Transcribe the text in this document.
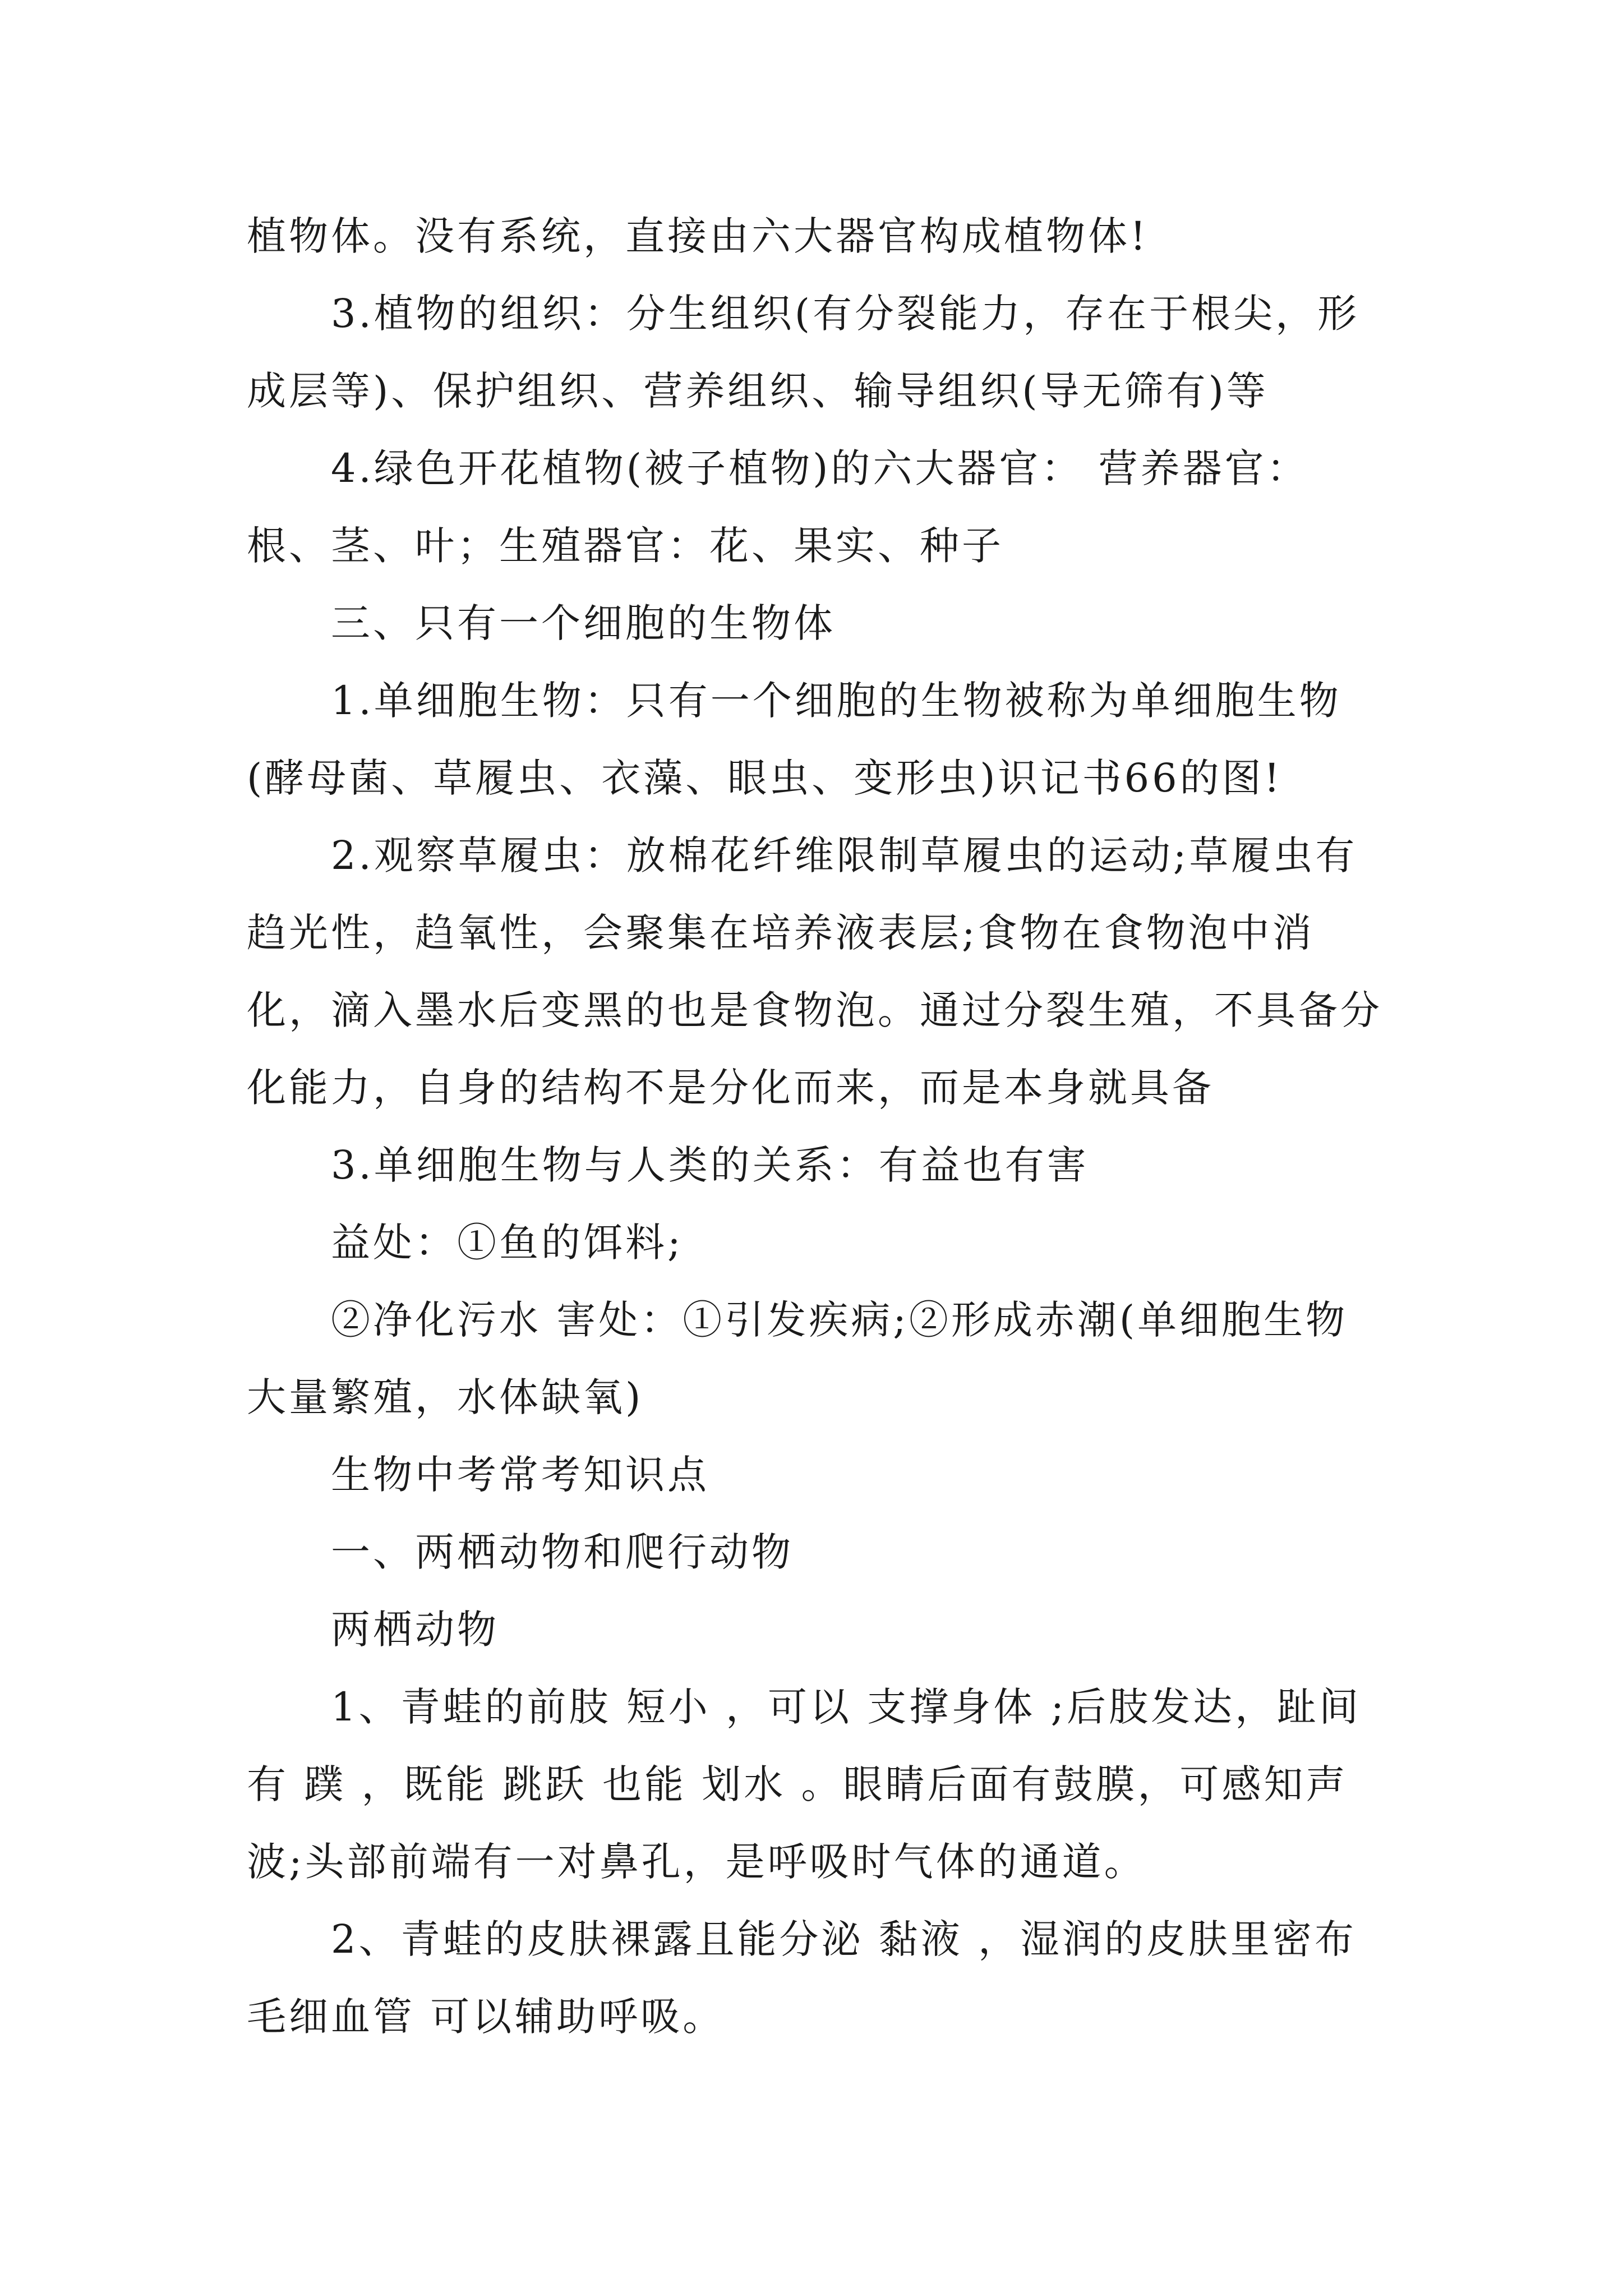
植物体。没有系统，直接由六大器官构成植物体!

3.植物的组织：分生组织(有分裂能力，存在于根尖，形成层等)、保护组织、营养组织、输导组织(导无筛有)等

4.绿色开花植物(被子植物)的六大器官： 营养器官：根、茎、叶；生殖器官：花、果实、种子

三、只有一个细胞的生物体

1.单细胞生物：只有一个细胞的生物被称为单细胞生物(酵母菌、草履虫、衣藻、眼虫、变形虫)识记书66的图!

2.观察草履虫：放棉花纤维限制草履虫的运动;草履虫有趋光性，趋氧性，会聚集在培养液表层;食物在食物泡中消化，滴入墨水后变黑的也是食物泡。通过分裂生殖，不具备分化能力，自身的结构不是分化而来，而是本身就具备

3.单细胞生物与人类的关系：有益也有害

益处：①鱼的饵料;

②净化污水 害处：①引发疾病;②形成赤潮(单细胞生物大量繁殖，水体缺氧)

生物中考常考知识点

一、两栖动物和爬行动物

两栖动物

1、青蛙的前肢 短小 ，可以 支撑身体 ;后肢发达，趾间有 蹼 ，既能 跳跃 也能 划水 。眼睛后面有鼓膜，可感知声波;头部前端有一对鼻孔，是呼吸时气体的通道。

2、青蛙的皮肤裸露且能分泌 黏液 ，湿润的皮肤里密布 毛细血管 可以辅助呼吸。
